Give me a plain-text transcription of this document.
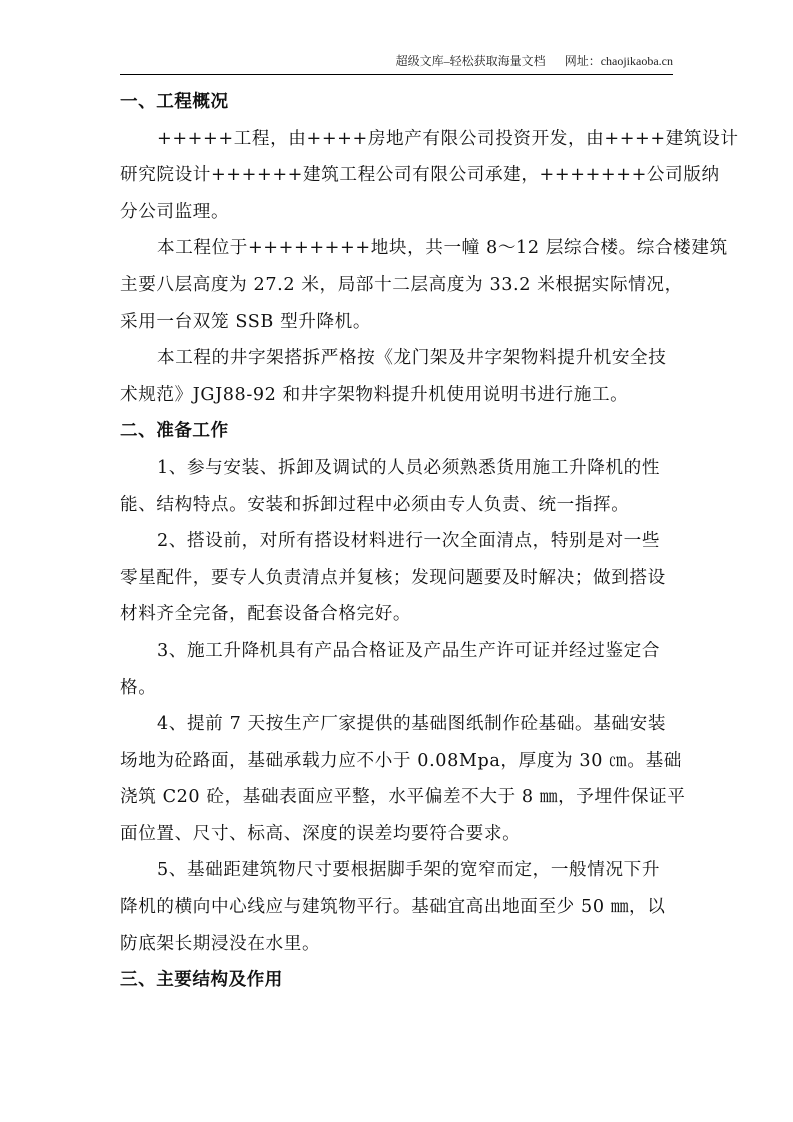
超级文库–轻松获取海量文档 网址：chaojikaoba.cn
一、工程概况
+++++工程，由++++房地产有限公司投资开发，由++++建筑设计
研究院设计++++++建筑工程公司有限公司承建，+++++++公司版纳
分公司监理。
本工程位于++++++++地块，共一幢 8～12 层综合楼。综合楼建筑
主要八层高度为 27.2 米，局部十二层高度为 33.2 米根据实际情况，
采用一台双笼 SSB 型升降机。
本工程的井字架搭拆严格按《龙门架及井字架物料提升机安全技
术规范》JGJ88-92 和井字架物料提升机使用说明书进行施工。
二、准备工作
1、参与安装、拆卸及调试的人员必须熟悉货用施工升降机的性
能、结构特点。安装和拆卸过程中必须由专人负责、统一指挥。
2、搭设前，对所有搭设材料进行一次全面清点，特别是对一些
零星配件，要专人负责清点并复核；发现问题要及时解决；做到搭设
材料齐全完备，配套设备合格完好。
3、施工升降机具有产品合格证及产品生产许可证并经过鉴定合
格。
4、提前 7 天按生产厂家提供的基础图纸制作砼基础。基础安装
场地为砼路面，基础承载力应不小于 0.08Mpa，厚度为 30 ㎝。基础
浇筑 C20 砼，基础表面应平整，水平偏差不大于 8 ㎜，予埋件保证平
面位置、尺寸、标高、深度的误差均要符合要求。
5、基础距建筑物尺寸要根据脚手架的宽窄而定，一般情况下升
降机的横向中心线应与建筑物平行。基础宜高出地面至少 50 ㎜，以
防底架长期浸没在水里。
三、主要结构及作用
